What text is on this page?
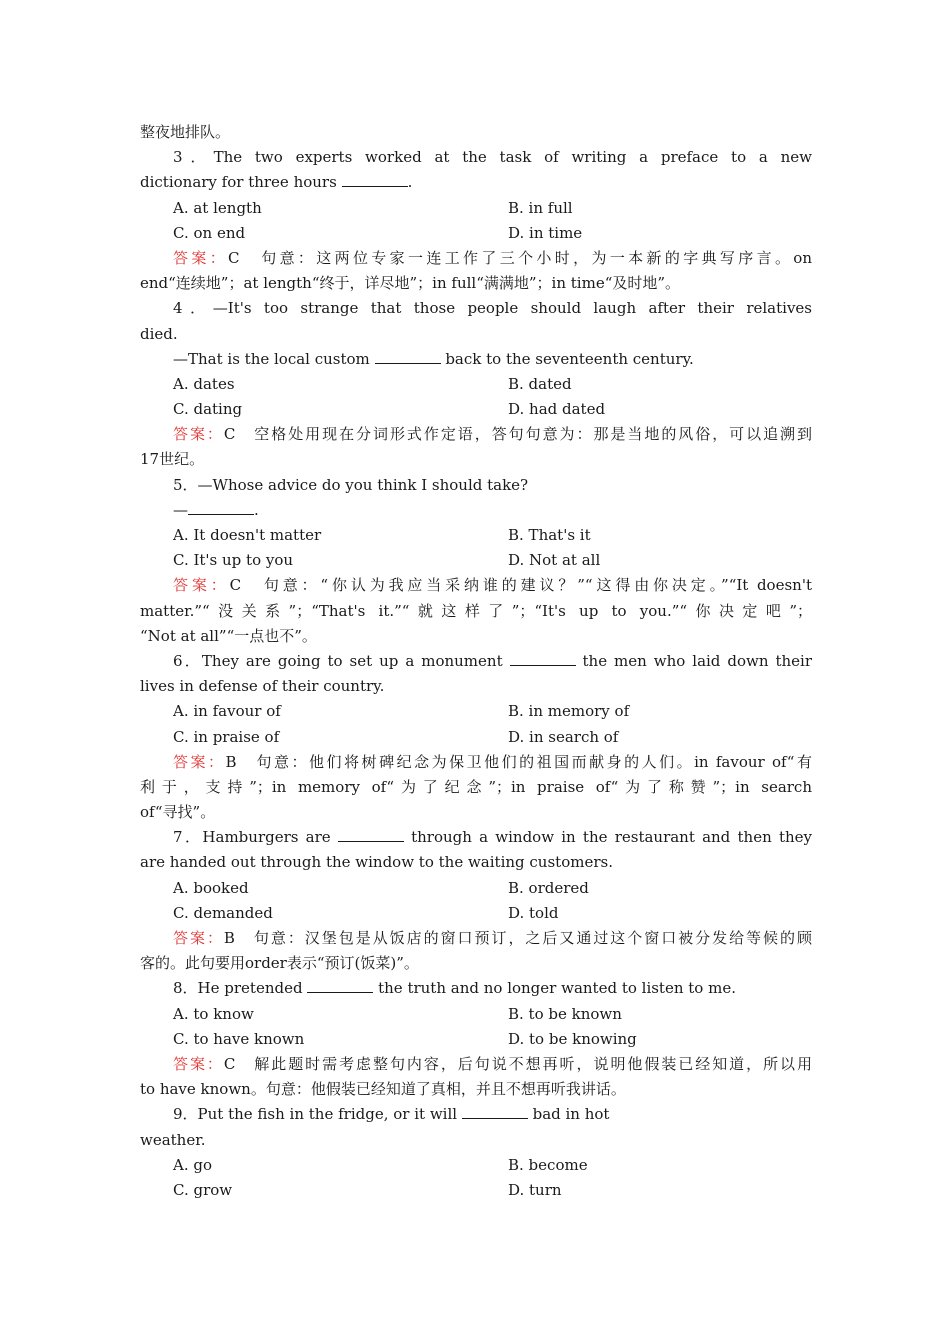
整夜地排队。
3．The two experts worked at the task of writing a preface to a new
dictionary for three hours	.
A. at length	B. in full
C. on end	D. in time
答案：C　句意：这两位专家一连工作了三个小时，为一本新的字典写序言。on
end“连续地”；at length“终于，详尽地”；in full“满满地”；in time“及时地”。
4．—It's too strange that those people should laugh after their relatives
died.
—That is the local custom	back to the seventeenth century.
A. dates	B. dated
C. dating	D. had dated
答案：C　空格处用现在分词形式作定语，答句句意为：那是当地的风俗，可以追溯到
17世纪。
5．—Whose advice do you think I should take?
—	.
A. It doesn't matter	B. That's it
C. It's up to you	D. Not at all
答案：C　句意：“你认为我应当采纳谁的建议？”“这得由你决定。”“It doesn't
matter.”“没关系”；“That's it.”“就这样了”；“It's up to you.”“你决定吧”；
“Not at all”“一点也不”。
6．They are going to set up a monument	the men who laid down their
lives in defense of their country.
A. in favour of	B. in memory of
C. in praise of	D. in search of
答案：B　句意：他们将树碑纪念为保卫他们的祖国而献身的人们。in favour of“有
利于，支持”；in memory of“为了纪念”；in praise of“为了称赞”；in search
of“寻找”。
7．Hamburgers are	through a window in the restaurant and then they
are handed out through the window to the waiting customers.
A. booked	B. ordered
C. demanded	D. told
答案：B　句意：汉堡包是从饭店的窗口预订，之后又通过这个窗口被分发给等候的顾
客的。此句要用order表示“预订(饭菜)”。
8．He pretended	the truth and no longer wanted to listen to me.
A. to know	B. to be known
C. to have known	D. to be knowing
答案：C　解此题时需考虑整句内容，后句说不想再听，说明他假装已经知道，所以用
to have known。句意：他假装已经知道了真相，并且不想再听我讲话。
9．Put the fish in the fridge, or it will	bad in hot
weather.
A. go	B. become
C. grow	D. turn
